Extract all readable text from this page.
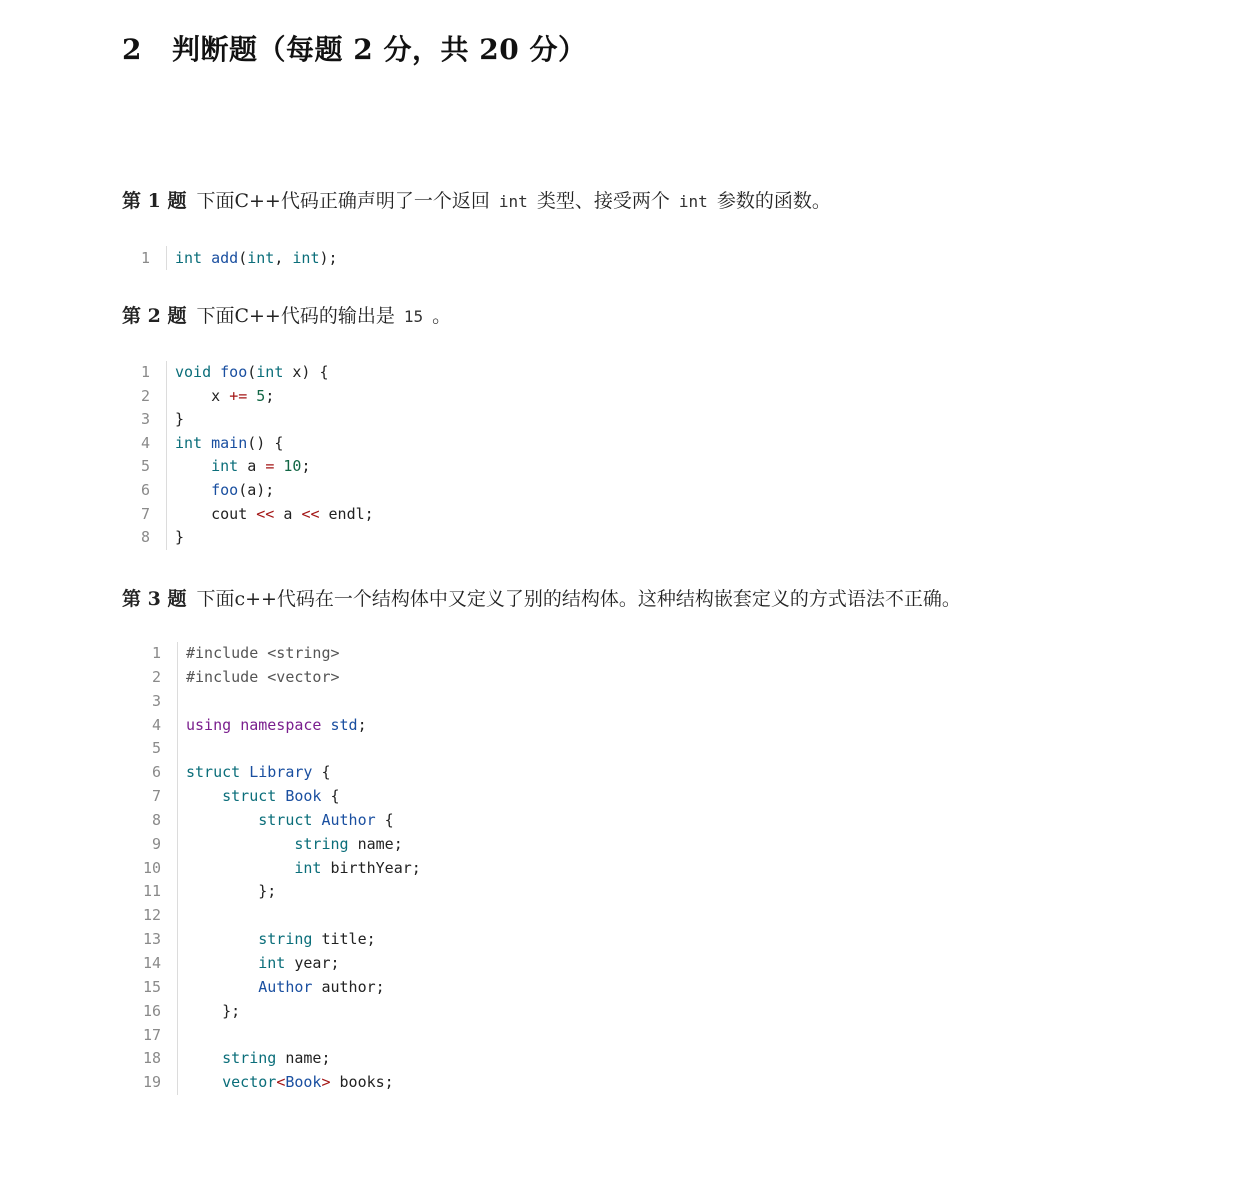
2 判断题（每题 2 分，共 20 分）

第 1 题 下面C++代码正确声明了一个返回 int 类型、接受两个 int 参数的函数。

1	int add(int, int);

第 2 题 下面C++代码的输出是 15 。

1	void foo(int x) {
2	x += 5;
3	}
4	int main() {
5	int a = 10;
6	foo(a);
7	cout << a << endl;
8	}

第 3 题 下面c++代码在一个结构体中又定义了别的结构体。这种结构嵌套定义的方式语法不正确。

1	#include <string>
2	#include <vector>
3

4	using namespace std;
5

6	struct Library {
7	struct Book {
8	struct Author {
9	string name;
10	int birthYear;
11	};
12

13	string title;
14	int year;
15	Author author;
16	};
17

18	string name;
19	vector<Book> books;
